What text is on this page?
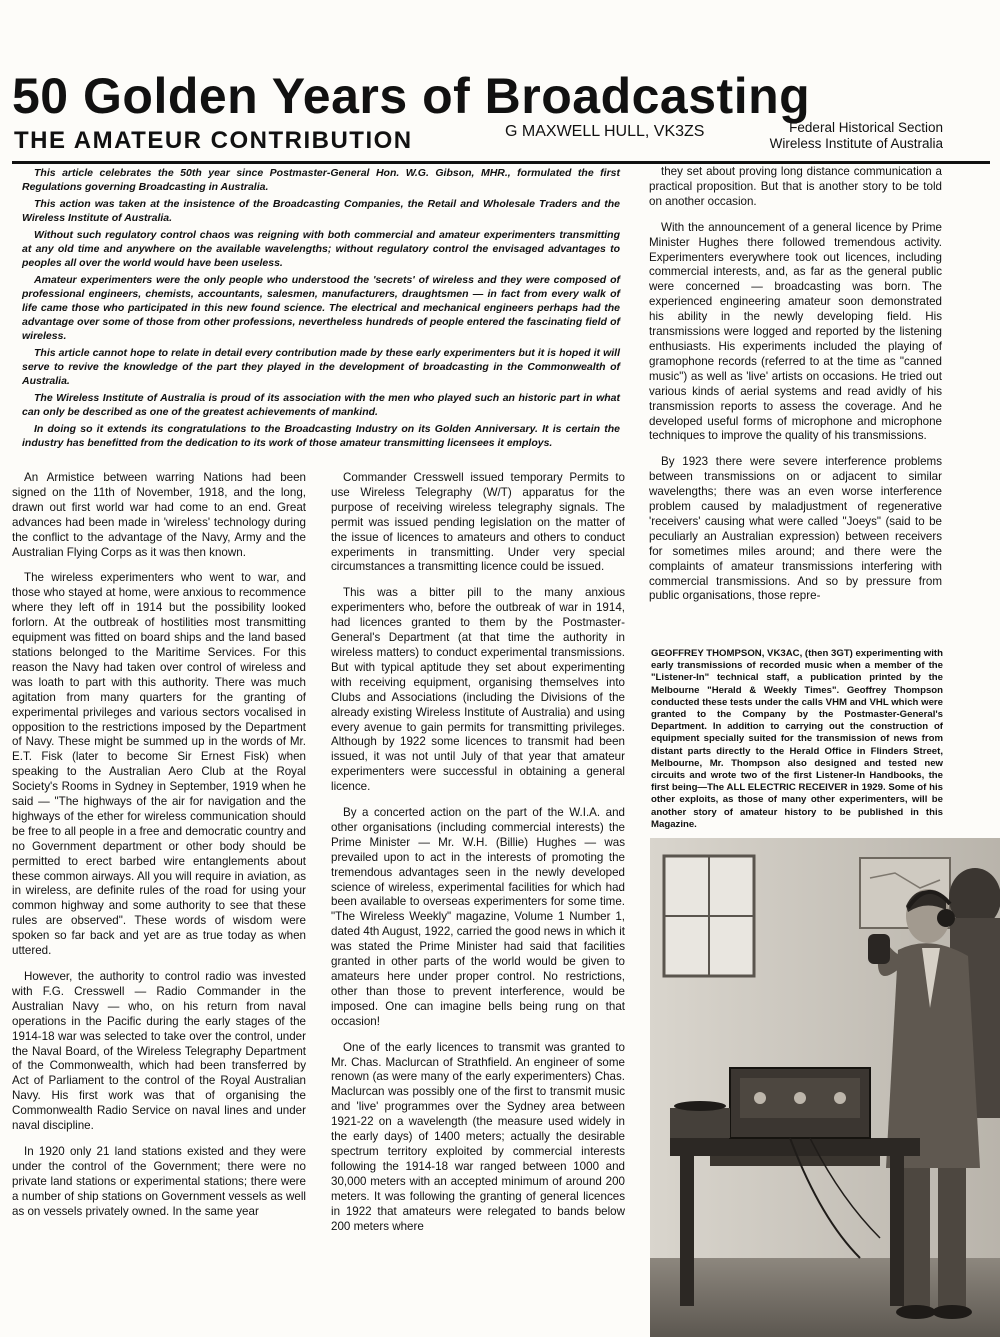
50 Golden Years of Broadcasting
THE AMATEUR CONTRIBUTION	G MAXWELL HULL, VK3ZS	Federal Historical Section
Wireless Institute of Australia

This article celebrates the 50th year since Postmaster-General Hon. W.G. Gibson, MHR., formulated the first Regulations governing Broadcasting in Australia.

This action was taken at the insistence of the Broadcasting Companies, the Retail and Wholesale Traders and the Wireless Institute of Australia.

Without such regulatory control chaos was reigning with both commercial and amateur experimenters transmitting at any old time and anywhere on the available wavelengths; without regulatory control the envisaged advantages to peoples all over the world would have been useless.

Amateur experimenters were the only people who understood the 'secrets' of wireless and they were composed of professional engineers, chemists, accountants, salesmen, manufacturers, draughtsmen — in fact from every walk of life came those who participated in this new found science. The electrical and mechanical engineers perhaps had the advantage over some of those from other professions, nevertheless hundreds of people entered the fascinating field of wireless.

This article cannot hope to relate in detail every contribution made by these early experimenters but it is hoped it will serve to revive the knowledge of the part they played in the development of broadcasting in the Commonwealth of Australia.

The Wireless Institute of Australia is proud of its association with the men who played such an historic part in what can only be described as one of the greatest achievements of mankind.

In doing so it extends its congratulations to the Broadcasting Industry on its Golden Anniversary. It is certain the industry has benefitted from the dedication to its work of those amateur transmitting licensees it employs.

An Armistice between warring Nations had been signed on the 11th of November, 1918, and the long, drawn out first world war had come to an end. Great advances had been made in 'wireless' technology during the conflict to the advantage of the Navy, Army and the Australian Flying Corps as it was then known.

The wireless experimenters who went to war, and those who stayed at home, were anxious to recommence where they left off in 1914 but the possibility looked forlorn. At the outbreak of hostilities most transmitting equipment was fitted on board ships and the land based stations belonged to the Maritime Services. For this reason the Navy had taken over control of wireless and was loath to part with this authority. There was much agitation from many quarters for the granting of experimental privileges and various sectors vocalised in opposition to the restrictions imposed by the Department of Navy. These might be summed up in the words of Mr. E.T. Fisk (later to become Sir Ernest Fisk) when speaking to the Australian Aero Club at the Royal Society's Rooms in Sydney in September, 1919 when he said — "The highways of the air for navigation and the highways of the ether for wireless communication should be free to all people in a free and democratic country and no Government department or other body should be permitted to erect barbed wire entanglements about these common airways. All you will require in aviation, as in wireless, are definite rules of the road for using your common highway and some authority to see that these rules are observed". These words of wisdom were spoken so far back and yet are as true today as when uttered.

However, the authority to control radio was invested with F.G. Cresswell — Radio Commander in the Australian Navy — who, on his return from naval operations in the Pacific during the early stages of the 1914-18 war was selected to take over the control, under the Naval Board, of the Wireless Telegraphy Department of the Commonwealth, which had been transferred by Act of Parliament to the control of the Royal Australian Navy. His first work was that of organising the Commonwealth Radio Service on naval lines and under naval discipline.

In 1920 only 21 land stations existed and they were under the control of the Government; there were no private land stations or experimental stations; there were a number of ship stations on Government vessels as well as on vessels privately owned. In the same year

Commander Cresswell issued temporary Permits to use Wireless Telegraphy (W/T) apparatus for the purpose of receiving wireless telegraphy signals. The permit was issued pending legislation on the matter of the issue of licences to amateurs and others to conduct experiments in transmitting. Under very special circumstances a transmitting licence could be issued.

This was a bitter pill to the many anxious experimenters who, before the outbreak of war in 1914, had licences granted to them by the Postmaster-General's Department (at that time the authority in wireless matters) to conduct experimental transmissions. But with typical aptitude they set about experimenting with receiving equipment, organising themselves into Clubs and Associations (including the Divisions of the already existing Wireless Institute of Australia) and using every avenue to gain permits for transmitting privileges. Although by 1922 some licences to transmit had been issued, it was not until July of that year that amateur experimenters were successful in obtaining a general licence.

By a concerted action on the part of the W.I.A. and other organisations (including commercial interests) the Prime Minister — Mr. W.H. (Billie) Hughes — was prevailed upon to act in the interests of promoting the tremendous advantages seen in the newly developed science of wireless, experimental facilities for which had been available to overseas experimenters for some time. "The Wireless Weekly" magazine, Volume 1 Number 1, dated 4th August, 1922, carried the good news in which it was stated the Prime Minister had said that facilities granted in other parts of the world would be given to amateurs here under proper control. No restrictions, other than those to prevent interference, would be imposed. One can imagine bells being rung on that occasion!

One of the early licences to transmit was granted to Mr. Chas. Maclurcan of Strathfield. An engineer of some renown (as were many of the early experimenters) Chas. Maclurcan was possibly one of the first to transmit music and 'live' programmes over the Sydney area between 1921-22 on a wavelength (the measure used widely in the early days) of 1400 meters; actually the desirable spectrum territory exploited by commercial interests following the 1914-18 war ranged between 1000 and 30,000 meters with an accepted minimum of around 200 meters. It was following the granting of general licences in 1922 that amateurs were relegated to bands below 200 meters where

they set about proving long distance communication a practical proposition. But that is another story to be told on another occasion.

With the announcement of a general licence by Prime Minister Hughes there followed tremendous activity. Experimenters everywhere took out licences, including commercial interests, and, as far as the general public were concerned — broadcasting was born. The experienced engineering amateur soon demonstrated his ability in the newly developing field. His transmissions were logged and reported by the listening enthusiasts. His experiments included the playing of gramophone records (referred to at the time as "canned music") as well as 'live' artists on occasions. He tried out various kinds of aerial systems and read avidly of his transmission reports to assess the coverage. And he developed useful forms of microphone and microphone techniques to improve the quality of his transmissions.

By 1923 there were severe interference problems between transmissions on or adjacent to similar wavelengths; there was an even worse interference problem caused by maladjustment of regenerative 'receivers' causing what were called "Joeys" (said to be peculiarly an Australian expression) between receivers for sometimes miles around; and there were the complaints of amateur transmissions interfering with commercial transmissions. And so by pressure from public organisations, those repre-

GEOFFREY THOMPSON, VK3AC, (then 3GT) experimenting with early transmissions of recorded music when a member of the "Listener-In" technical staff, a publication printed by the Melbourne "Herald & Weekly Times". Geoffrey Thompson conducted these tests under the calls VHM and VHL which were granted to the Company by the Postmaster-General's Department. In addition to carrying out the construction of equipment specially suited for the transmission of news from distant parts directly to the Herald Office in Flinders Street, Melbourne, Mr. Thompson also designed and tested new circuits and wrote two of the first Listener-In Handbooks, the first being—The ALL ELECTRIC RECEIVER in 1929. Some of his other exploits, as those of many other experimenters, will be another story of amateur history to be published in this Magazine.
